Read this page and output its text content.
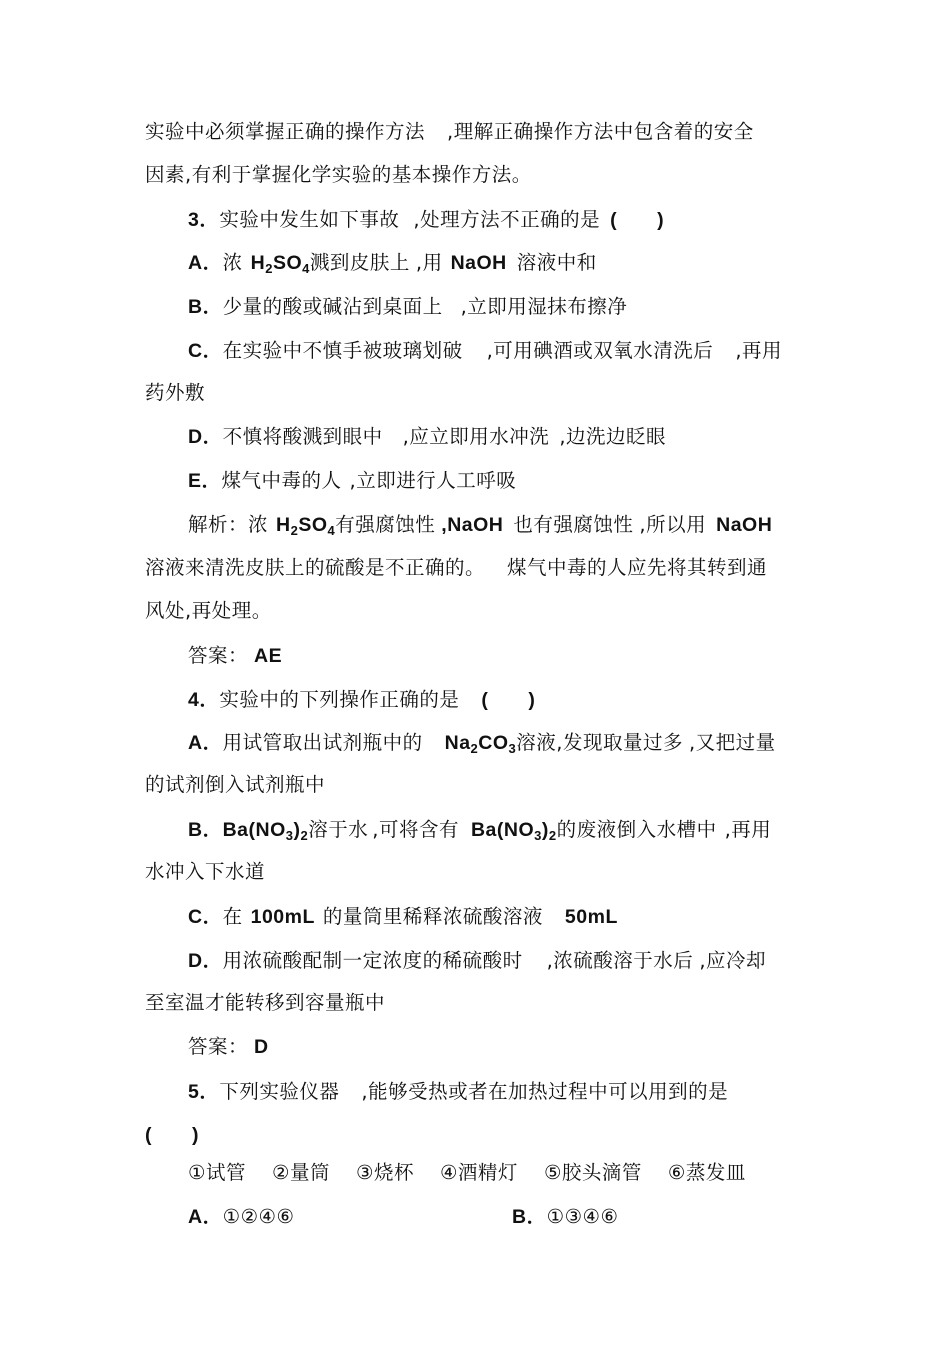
实验中必须掌握正确的操作方法 ,理解正确操作方法中包含着的安全
因素,有利于掌握化学实验的基本操作方法。
3．实验中发生如下事故 ,处理方法不正确的是 (　　)
A．浓 $H_2SO_4$溅到皮肤上 ,用 NaOH 溶液中和
B．少量的酸或碱沾到桌面上 ,立即用湿抹布擦净
C．在实验中不慎手被玻璃划破 ,可用碘酒或双氧水清洗后 ,再用
药外敷
D．不慎将酸溅到眼中 ,应立即用水冲洗 ,边洗边眨眼
E．煤气中毒的人 ,立即进行人工呼吸
解析：浓 $H_2SO_4$有强腐蚀性 ,NaOH 也有强腐蚀性 ,所以用 NaOH
溶液来清洗皮肤上的硫酸是不正确的。 煤气中毒的人应先将其转到通
风处,再处理。
答案： AE
4．实验中的下列操作正确的是 (　　)
A．用试管取出试剂瓶中的 $Na_2CO_3$溶液,发现取量过多 ,又把过量
的试剂倒入试剂瓶中
B．$Ba(NO_3)_2$溶于水 ,可将含有 $Ba(NO_3)_2$的废液倒入水槽中 ,再用
水冲入下水道
C．在 100mL 的量筒里稀释浓硫酸溶液 50mL
D．用浓硫酸配制一定浓度的稀硫酸时 ,浓硫酸溶于水后 ,应冷却
至室温才能转移到容量瓶中
答案： D
5．下列实验仪器 ,能够受热或者在加热过程中可以用到的是
(　　)
①试管 ②量筒 ③烧杯 ④酒精灯 ⑤胶头滴管 ⑥蒸发皿
A．①②④⑥	B．①③④⑥
